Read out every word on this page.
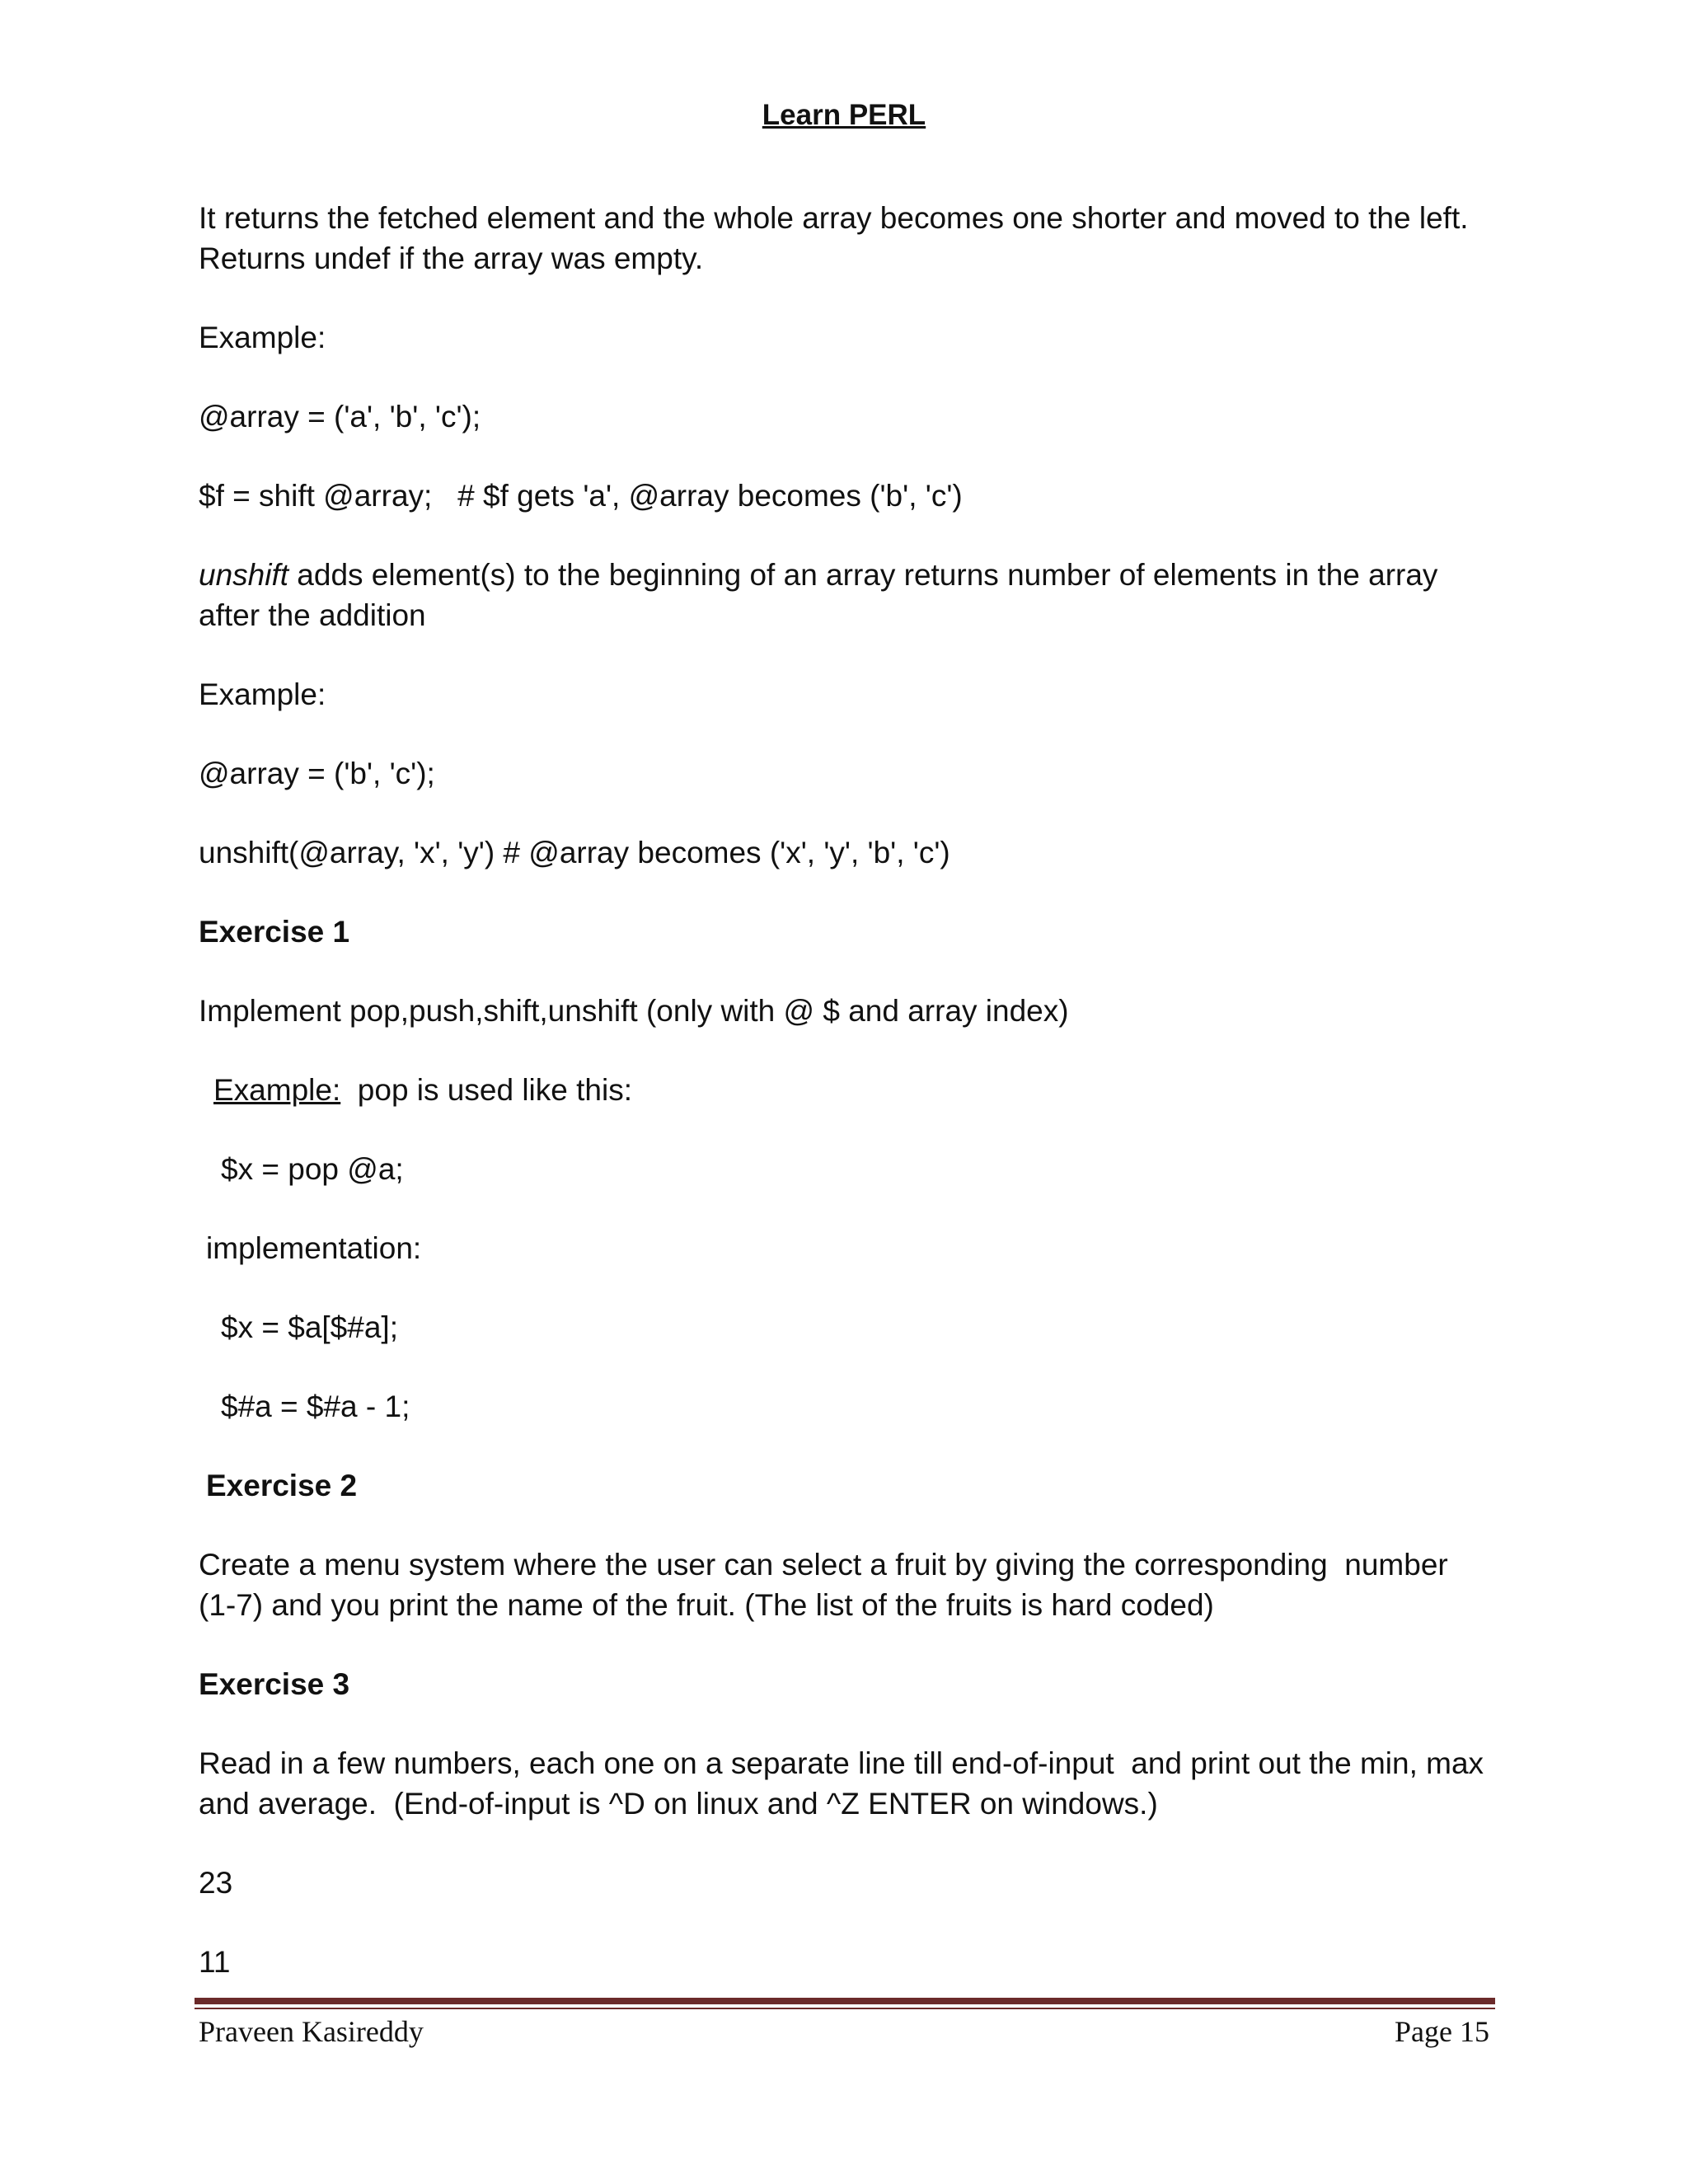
Learn PERL

It returns the fetched element and the whole array becomes one shorter and moved to the left. Returns undef if the array was empty.

Example:

@array = ('a', 'b', 'c');

$f = shift @array;   # $f gets 'a', @array becomes ('b', 'c')

unshift adds element(s) to the beginning of an array returns number of elements in the array after the addition

Example:

@array = ('b', 'c');

unshift(@array, 'x', 'y') # @array becomes ('x', 'y', 'b', 'c')

Exercise 1

Implement pop,push,shift,unshift (only with @ $ and array index)

Example:  pop is used like this:

$x = pop @a;

implementation:

$x = $a[$#a];

$#a = $#a - 1;

Exercise 2

Create a menu system where the user can select a fruit by giving the corresponding  number (1-7) and you print the name of the fruit. (The list of the fruits is hard coded)

Exercise 3

Read in a few numbers, each one on a separate line till end-of-input  and print out the min, max and average.  (End-of-input is ^D on linux and ^Z ENTER on windows.)

23

11

Praveen Kasireddy	Page 15
